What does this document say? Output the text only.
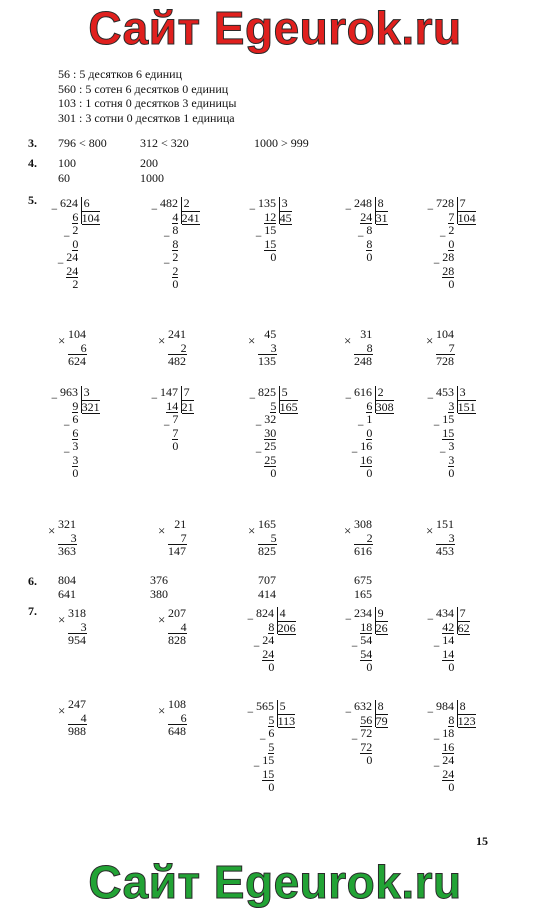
Сайт Egeurok.ru
56 : 5 десятков 6 единиц
560 : 5 сотен 6 десятков 0 единиц
103 : 1 сотня 0 десятков 3 единицы
301 : 3 сотни 0 десятков 1 единица
3. 796 < 800	312 < 320	1000 > 999
4. 100
60
200
1000
5.
− 624 6
104
6
2
−
0
24
−
24
2
− 482 2
241
4
8
−
8
2
−
2
0
− 135 3
45
12
15
−
15
0
− 248 8
31
24
8
−
8
0
− 728 7
104
7
2
−
0
28
−
28
0
× 104
6
624
× 241
2
482
× 45
3
135
× 31
8
248
× 104
7
728
− 963 3
321
9
6
−
6
3
−
3
0
− 147 7
21
14
7
−
7
0
− 825 5
165
5
32
−
30
25
−
25
0
− 616 2
308
6
1
−
0
16
−
16
0
− 453 3
151
3
15
−
15
3
−
3
0
× 321
3
363
× 21
7
147
× 165
5
825
× 308
2
616
× 151
3
453
6. 804
641
376
380
707
414
675
165
7.
× 318
3
954
× 207
4
828
− 824 4
206
8
24
−
24
0
− 234 9
26
18
54
−
54
0
− 434 7
62
42
14
−
14
0
× 247
4
988
× 108
6
648
− 565 5
113
5
6
−
5
15
−
15
0
− 632 8
79
56
72
−
72
0
− 984 8
123
8
18
−
16
24
−
24
0
15
Сайт Egeurok.ru
